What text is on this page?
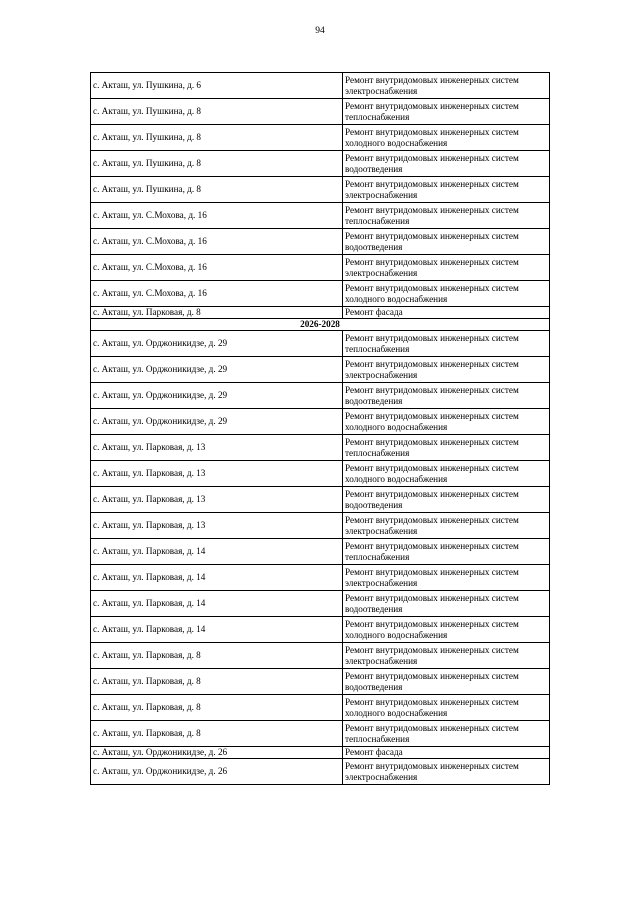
94
с. Акташ, ул. Пушкина, д. 6	Ремонт внутридомовых инженерных систем электроснабжения
с. Акташ, ул. Пушкина, д. 8	Ремонт внутридомовых инженерных систем теплоснабжения
с. Акташ, ул. Пушкина, д. 8	Ремонт внутридомовых инженерных систем холодного водоснабжения
с. Акташ, ул. Пушкина, д. 8	Ремонт внутридомовых инженерных систем водоотведения
с. Акташ, ул. Пушкина, д. 8	Ремонт внутридомовых инженерных систем электроснабжения
с. Акташ, ул. С.Мохова, д. 16	Ремонт внутридомовых инженерных систем теплоснабжения
с. Акташ, ул. С.Мохова, д. 16	Ремонт внутридомовых инженерных систем водоотведения
с. Акташ, ул. С.Мохова, д. 16	Ремонт внутридомовых инженерных систем электроснабжения
с. Акташ, ул. С.Мохова, д. 16	Ремонт внутридомовых инженерных систем холодного водоснабжения
с. Акташ, ул. Парковая, д. 8	Ремонт фасада
2026-2028	
с. Акташ, ул. Орджоникидзе, д. 29	Ремонт внутридомовых инженерных систем теплоснабжения
с. Акташ, ул. Орджоникидзе, д. 29	Ремонт внутридомовых инженерных систем электроснабжения
с. Акташ, ул. Орджоникидзе, д. 29	Ремонт внутридомовых инженерных систем водоотведения
с. Акташ, ул. Орджоникидзе, д. 29	Ремонт внутридомовых инженерных систем холодного водоснабжения
с. Акташ, ул. Парковая, д. 13	Ремонт внутридомовых инженерных систем теплоснабжения
с. Акташ, ул. Парковая, д. 13	Ремонт внутридомовых инженерных систем холодного водоснабжения
с. Акташ, ул. Парковая, д. 13	Ремонт внутридомовых инженерных систем водоотведения
с. Акташ, ул. Парковая, д. 13	Ремонт внутридомовых инженерных систем электроснабжения
с. Акташ, ул. Парковая, д. 14	Ремонт внутридомовых инженерных систем теплоснабжения
с. Акташ, ул. Парковая, д. 14	Ремонт внутридомовых инженерных систем электроснабжения
с. Акташ, ул. Парковая, д. 14	Ремонт внутридомовых инженерных систем водоотведения
с. Акташ, ул. Парковая, д. 14	Ремонт внутридомовых инженерных систем холодного водоснабжения
с. Акташ, ул. Парковая, д. 8	Ремонт внутридомовых инженерных систем электроснабжения
с. Акташ, ул. Парковая, д. 8	Ремонт внутридомовых инженерных систем водоотведения
с. Акташ, ул. Парковая, д. 8	Ремонт внутридомовых инженерных систем холодного водоснабжения
с. Акташ, ул. Парковая, д. 8	Ремонт внутридомовых инженерных систем теплоснабжения
с. Акташ, ул. Орджоникидзе, д. 26	Ремонт фасада
с. Акташ, ул. Орджоникидзе, д. 26	Ремонт внутридомовых инженерных систем электроснабжения
